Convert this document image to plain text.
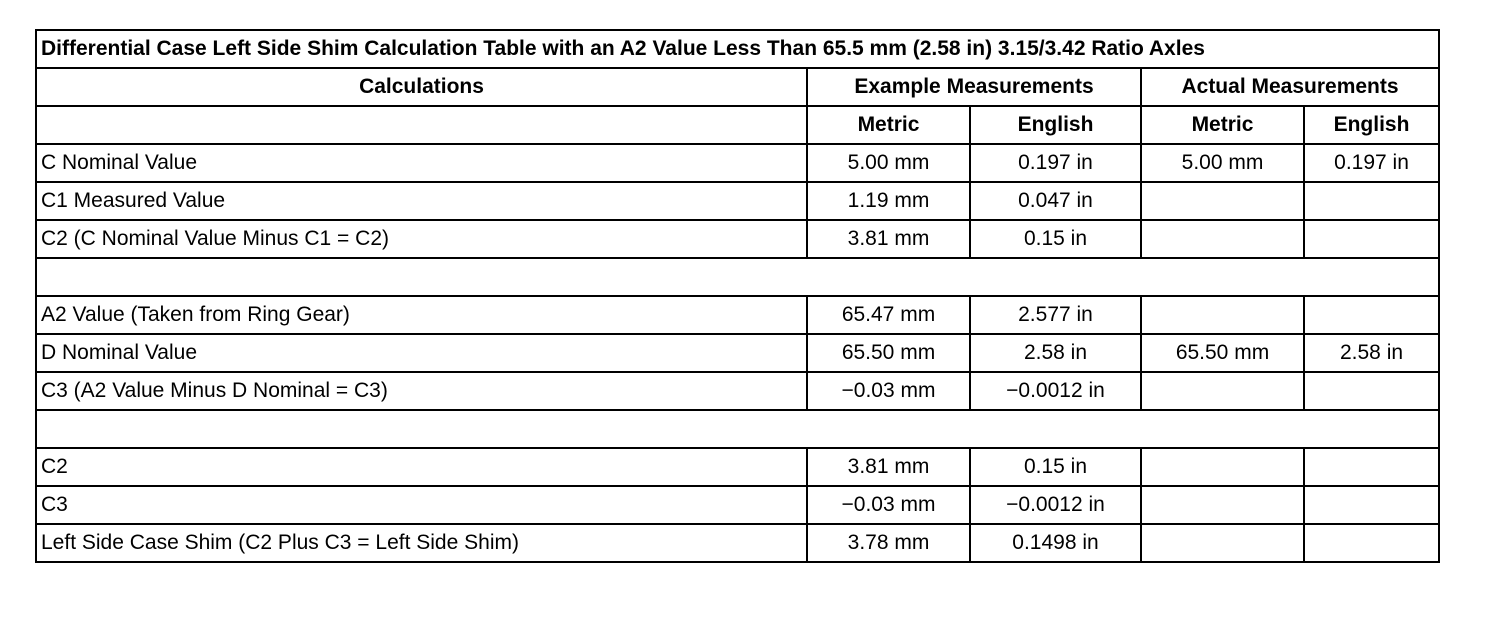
Differential Case Left Side Shim Calculation Table with an A2 Value Less Than 65.5 mm (2.58 in) 3.15/3.42 Ratio Axles				
Calculations	Example Measurements		Actual Measurements	
	Metric	English	Metric	English
C Nominal Value	5.00 mm	0.197 in	5.00 mm	0.197 in
C1 Measured Value	1.19 mm	0.047 in		
C2 (C Nominal Value Minus C1 = C2)	3.81 mm	0.15 in		

A2 Value (Taken from Ring Gear)	65.47 mm	2.577 in		
D Nominal Value	65.50 mm	2.58 in	65.50 mm	2.58 in
C3 (A2 Value Minus D Nominal = C3)	−0.03 mm	−0.0012 in		

C2	3.81 mm	0.15 in		
C3	−0.03 mm	−0.0012 in		
Left Side Case Shim (C2 Plus C3 = Left Side Shim)	3.78 mm	0.1498 in		
